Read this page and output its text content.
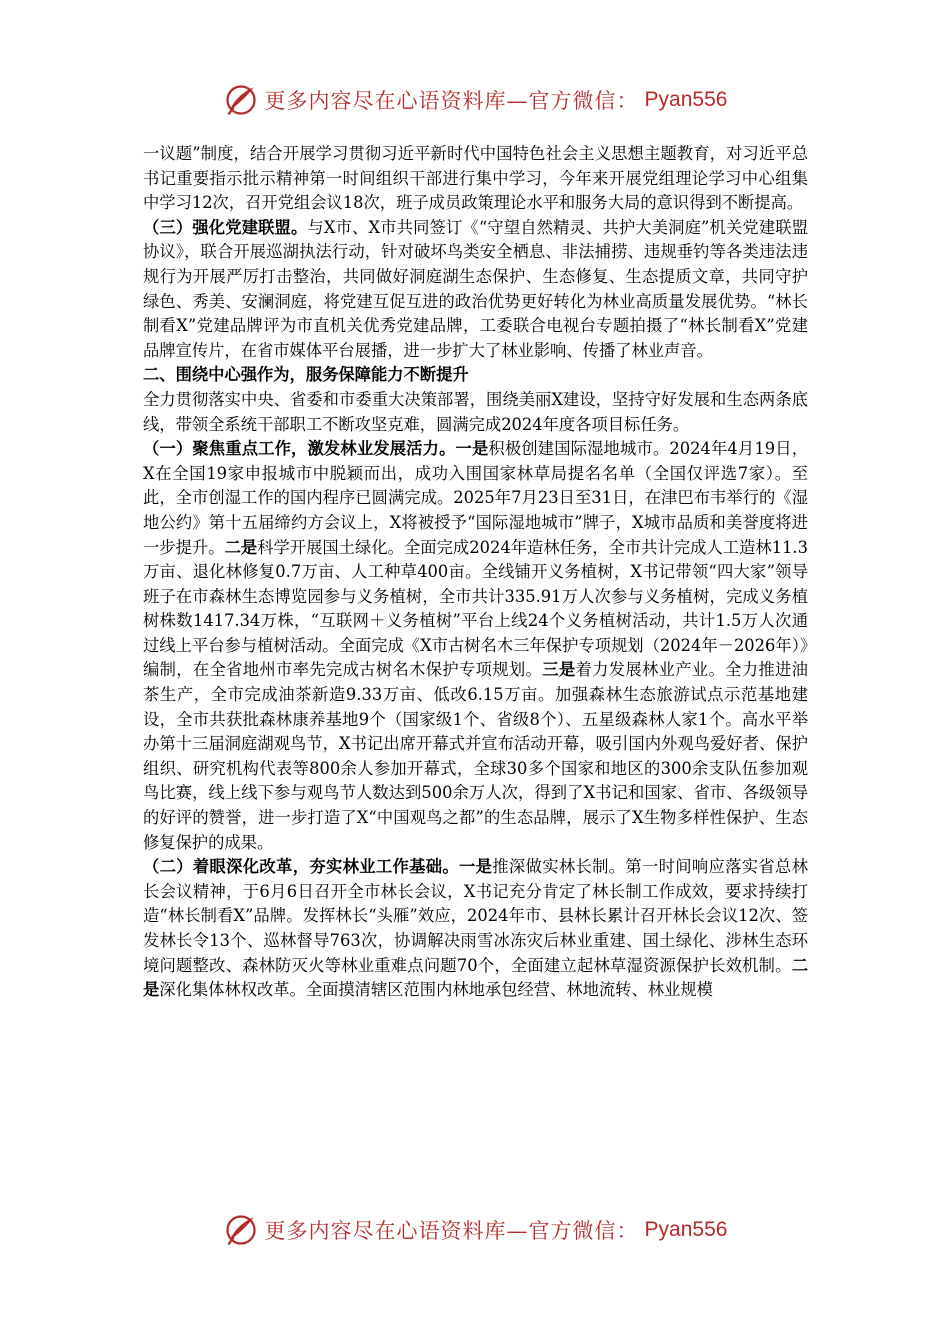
更多内容尽在心语资料库—官方微信： Pyan556

一议题”制度，结合开展学习贯彻习近平新时代中国特色社会主义思想主题教育，对习近平总书记重要指示批示精神第一时间组织干部进行集中学习，今年来开展党组理论学习中心组集中学习12次，召开党组会议18次，班子成员政策理论水平和服务大局的意识得到不断提高。

（三）强化党建联盟。与X市、X市共同签订《“守望自然精灵、共护大美洞庭”机关党建联盟协议》，联合开展巡湖执法行动，针对破坏鸟类安全栖息、非法捕捞、违规垂钓等各类违法违规行为开展严厉打击整治，共同做好洞庭湖生态保护、生态修复、生态提质文章，共同守护绿色、秀美、安澜洞庭，将党建互促互进的政治优势更好转化为林业高质量发展优势。“林长制看X”党建品牌评为市直机关优秀党建品牌，工委联合电视台专题拍摄了“林长制看X”党建品牌宣传片，在省市媒体平台展播，进一步扩大了林业影响、传播了林业声音。

二、围绕中心强作为，服务保障能力不断提升

全力贯彻落实中央、省委和市委重大决策部署，围绕美丽X建设，坚持守好发展和生态两条底线，带领全系统干部职工不断攻坚克难，圆满完成2024年度各项目标任务。

（一）聚焦重点工作，激发林业发展活力。一是积极创建国际湿地城市。2024年4月19日，X在全国19家申报城市中脱颖而出，成功入围国家林草局提名名单（全国仅评选7家）。至此，全市创湿工作的国内程序已圆满完成。2025年7月23日至31日，在津巴布韦举行的《湿地公约》第十五届缔约方会议上，X将被授予“国际湿地城市”牌子，X城市品质和美誉度将进一步提升。二是科学开展国土绿化。全面完成2024年造林任务，全市共计完成人工造林11.3万亩、退化林修复0.7万亩、人工种草400亩。全线铺开义务植树，X书记带领“四大家”领导班子在市森林生态博览园参与义务植树，全市共计335.91万人次参与义务植树，完成义务植树株数1417.34万株，“互联网＋义务植树”平台上线24个义务植树活动，共计1.5万人次通过线上平台参与植树活动。全面完成《X市古树名木三年保护专项规划（2024年－2026年）》编制，在全省地州市率先完成古树名木保护专项规划。三是着力发展林业产业。全力推进油茶生产，全市完成油茶新造9.33万亩、低改6.15万亩。加强森林生态旅游试点示范基地建设，全市共获批森林康养基地9个（国家级1个、省级8个）、五星级森林人家1个。高水平举办第十三届洞庭湖观鸟节，X书记出席开幕式并宣布活动开幕，吸引国内外观鸟爱好者、保护组织、研究机构代表等800余人参加开幕式，全球30多个国家和地区的300余支队伍参加观鸟比赛，线上线下参与观鸟节人数达到500余万人次，得到了X书记和国家、省市、各级领导的好评的赞誉，进一步打造了X“中国观鸟之都”的生态品牌，展示了X生物多样性保护、生态修复保护的成果。

（二）着眼深化改革，夯实林业工作基础。一是推深做实林长制。第一时间响应落实省总林长会议精神，于6月6日召开全市林长会议，X书记充分肯定了林长制工作成效，要求持续打造“林长制看X”品牌。发挥林长“头雁”效应，2024年市、县林长累计召开林长会议12次、签发林长令13个、巡林督导763次，协调解决雨雪冰冻灾后林业重建、国土绿化、涉林生态环境问题整改、森林防灭火等林业重难点问题70个，全面建立起林草湿资源保护长效机制。二是深化集体林权改革。全面摸清辖区范围内林地承包经营、林地流转、林业规模

更多内容尽在心语资料库—官方微信： Pyan556
